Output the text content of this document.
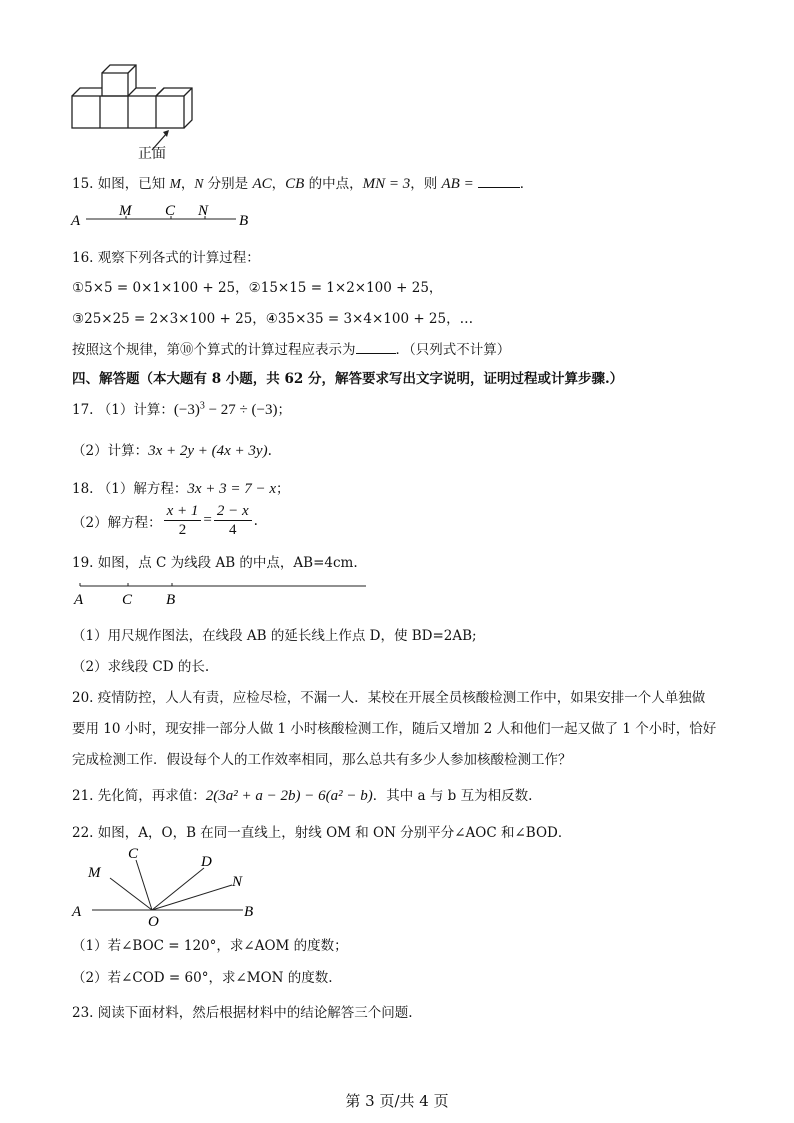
正面
15. 如图，已知 M，N 分别是 AC，CB 的中点，MN = 3，则 AB =	．
A
M C N
B
16. 观察下列各式的计算过程：
①5×5 = 0×1×100 + 25，②15×15 = 1×2×100 + 25，
③25×25 = 2×3×100 + 25，④35×35 = 3×4×100 + 25，…
按照这个规律，第⑩个算式的计算过程应表示为	．（只列式不计算）
四、解答题（本大题有 8 小题，共 62 分，解答要求写出文字说明，证明过程或计算步骤.）
17. （1）计算：$(-3)^3 - 27 \div (-3)$；
（2）计算：3x + 2y + (4x + 3y).
18. （1）解方程：3x + 3 = 7 − x；
（2）解方程： $\frac{x + 1}{2} = \frac{2 - x}{4}$ .
19. 如图，点 C 为线段 AB 的中点，AB=4cm.
A	C B
（1）用尺规作图法，在线段 AB 的延长线上作点 D，使 BD=2AB;
（2）求线段 CD 的长.
20. 疫情防控，人人有责，应检尽检，不漏一人．某校在开展全员核酸检测工作中，如果安排一个人单独做
要用 10 小时，现安排一部分人做 1 小时核酸检测工作，随后又增加 2 人和他们一起又做了 1 个小时，恰好
完成检测工作．假设每个人的工作效率相同，那么总共有多少人参加核酸检测工作？
21. 先化简，再求值：2(3a² + a − 2b) − 6(a² − b)．其中 a 与 b 互为相反数.
22. 如图，A，O，B 在同一直线上，射线 OM 和 ON 分别平分∠AOC 和∠BOD．
M
C	D
N
A
O
B
（1）若∠BOC = 120°，求∠AOM 的度数；
（2）若∠COD = 60°，求∠MON 的度数.
23. 阅读下面材料，然后根据材料中的结论解答三个问题.
第 3 页/共 4 页
